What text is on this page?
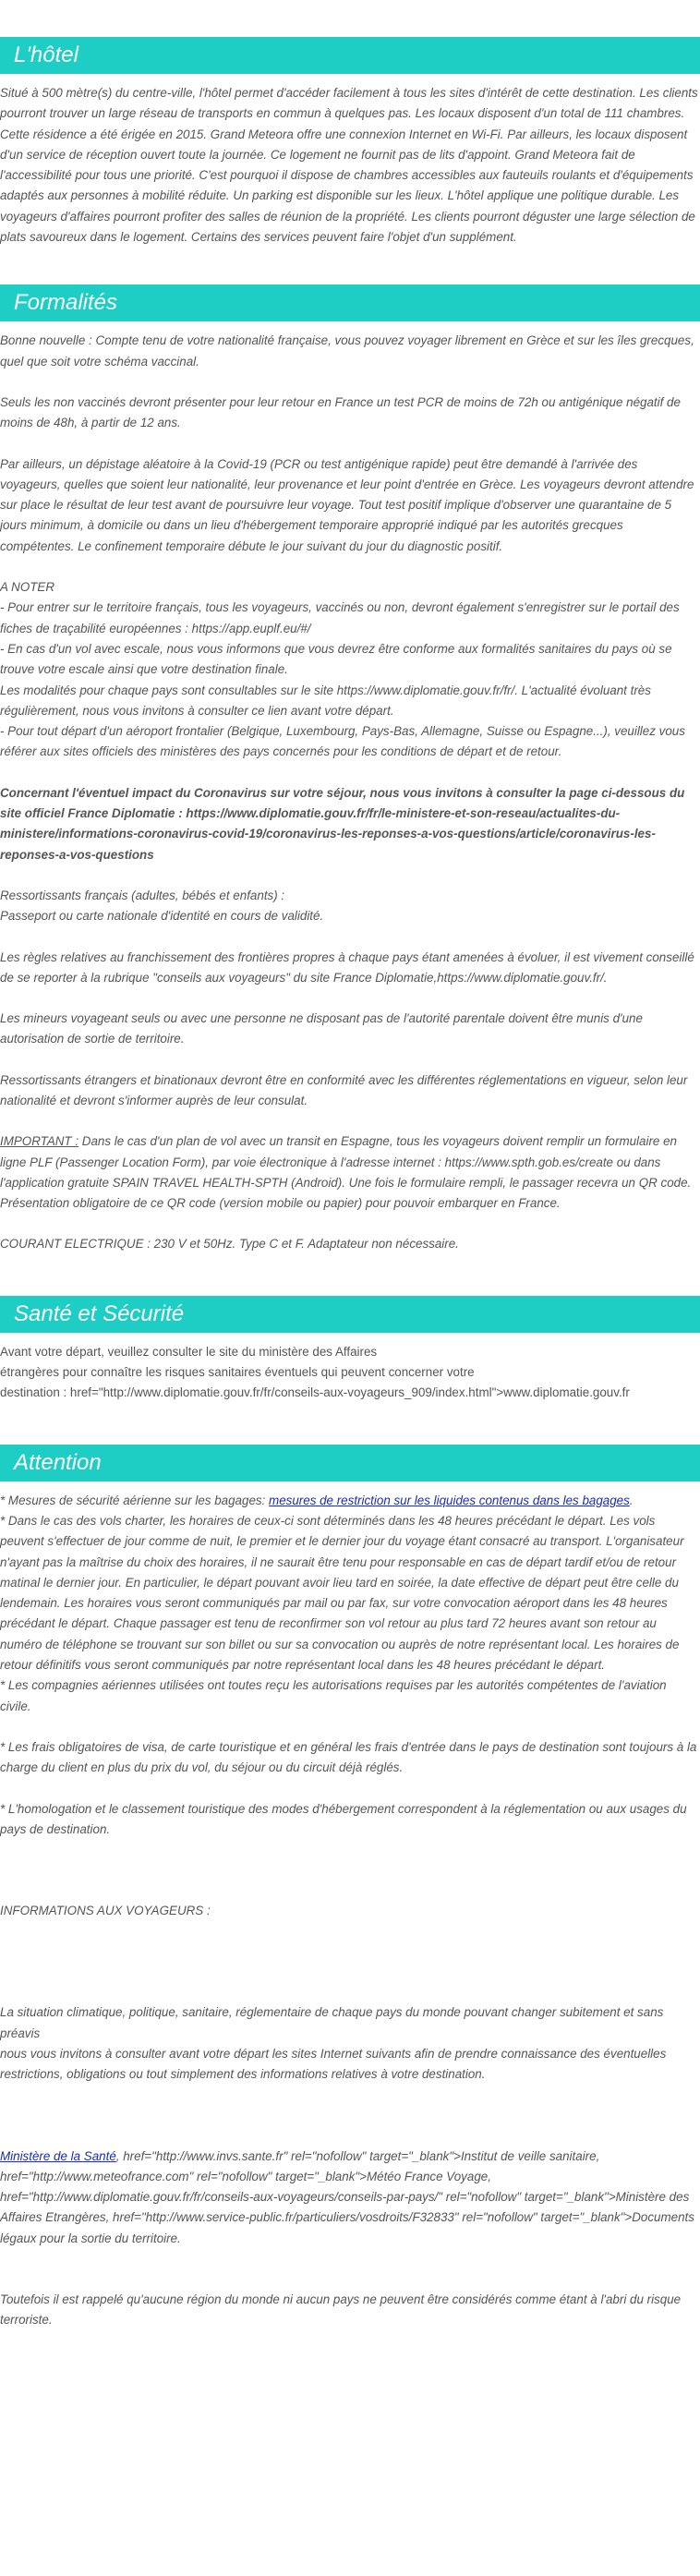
L'hôtel

Situé à 500 mètre(s) du centre-ville, l'hôtel permet d'accéder facilement à tous les sites d'intérêt de cette destination. Les clients pourront trouver un large réseau de transports en commun à quelques pas. Les locaux disposent d'un total de 111 chambres. Cette résidence a été érigée en 2015. Grand Meteora offre une connexion Internet en Wi-Fi. Par ailleurs, les locaux disposent d'un service de réception ouvert toute la journée. Ce logement ne fournit pas de lits d'appoint. Grand Meteora fait de l'accessibilité pour tous une priorité. C'est pourquoi il dispose de chambres accessibles aux fauteuils roulants et d'équipements adaptés aux personnes à mobilité réduite. Un parking est disponible sur les lieux. L'hôtel applique une politique durable. Les voyageurs d'affaires pourront profiter des salles de réunion de la propriété. Les clients pourront déguster une large sélection de plats savoureux dans le logement. Certains des services peuvent faire l'objet d'un supplément.

Formalités

Bonne nouvelle : Compte tenu de votre nationalité française, vous pouvez voyager librement en Grèce et sur les îles grecques, quel que soit votre schéma vaccinal.

Seuls les non vaccinés devront présenter pour leur retour en France un test PCR de moins de 72h ou antigénique négatif de moins de 48h, à partir de 12 ans.

Par ailleurs, un dépistage aléatoire à la Covid-19 (PCR ou test antigénique rapide) peut être demandé à l'arrivée des voyageurs, quelles que soient leur nationalité, leur provenance et leur point d'entrée en Grèce. Les voyageurs devront attendre sur place le résultat de leur test avant de poursuivre leur voyage. Tout test positif implique d'observer une quarantaine de 5 jours minimum, à domicile ou dans un lieu d'hébergement temporaire approprié indiqué par les autorités grecques compétentes. Le confinement temporaire débute le jour suivant du jour du diagnostic positif.

A NOTER

- Pour entrer sur le territoire français, tous les voyageurs, vaccinés ou non, devront également s'enregistrer sur le portail des fiches de traçabilité européennes : https://app.euplf.eu/#/

- En cas d'un vol avec escale, nous vous informons que vous devrez être conforme aux formalités sanitaires du pays où se trouve votre escale ainsi que votre destination finale.

Les modalités pour chaque pays sont consultables sur le site https://www.diplomatie.gouv.fr/fr/. L'actualité évoluant très régulièrement, nous vous invitons à consulter ce lien avant votre départ.

- Pour tout départ d'un aéroport frontalier (Belgique, Luxembourg, Pays-Bas, Allemagne, Suisse ou Espagne...), veuillez vous référer aux sites officiels des ministères des pays concernés pour les conditions de départ et de retour.

Concernant l'éventuel impact du Coronavirus sur votre séjour, nous vous invitons à consulter la page ci-dessous du site officiel France Diplomatie : https://www.diplomatie.gouv.fr/fr/le-ministere-et-son-reseau/actualites-du-ministere/informations-coronavirus-covid-19/coronavirus-les-reponses-a-vos-questions/article/coronavirus-les-reponses-a-vos-questions

Ressortissants français (adultes, bébés et enfants) :

Passeport ou carte nationale d'identité en cours de validité.

Les règles relatives au franchissement des frontières propres à chaque pays étant amenées à évoluer, il est vivement conseillé de se reporter à la rubrique "conseils aux voyageurs" du site France Diplomatie,https://www.diplomatie.gouv.fr/.

Les mineurs voyageant seuls ou avec une personne ne disposant pas de l'autorité parentale doivent être munis d'une autorisation de sortie de territoire.

Ressortissants étrangers et binationaux devront être en conformité avec les différentes réglementations en vigueur, selon leur nationalité et devront s'informer auprès de leur consulat.

IMPORTANT : Dans le cas d'un plan de vol avec un transit en Espagne, tous les voyageurs doivent remplir un formulaire en ligne PLF (Passenger Location Form), par voie électronique à l'adresse internet : https://www.spth.gob.es/create ou dans l'application gratuite SPAIN TRAVEL HEALTH-SPTH (Android). Une fois le formulaire rempli, le passager recevra un QR code. Présentation obligatoire de ce QR code (version mobile ou papier) pour pouvoir embarquer en France.

COURANT ELECTRIQUE : 230 V et 50Hz. Type C et F. Adaptateur non nécessaire.

Santé et Sécurité

Avant votre départ, veuillez consulter le site du ministère des Affaires

étrangères pour connaître les risques sanitaires éventuels qui peuvent concerner votre

destination : href="http://www.diplomatie.gouv.fr/fr/conseils-aux-voyageurs_909/index.html">www.diplomatie.gouv.fr

Attention

* Mesures de sécurité aérienne sur les bagages: mesures de restriction sur les liquides contenus dans les bagages.

* Dans le cas des vols charter, les horaires de ceux-ci sont déterminés dans les 48 heures précédant le départ. Les vols peuvent s'effectuer de jour comme de nuit, le premier et le dernier jour du voyage étant consacré au transport. L'organisateur n'ayant pas la maîtrise du choix des horaires, il ne saurait être tenu pour responsable en cas de départ tardif et/ou de retour matinal le dernier jour. En particulier, le départ pouvant avoir lieu tard en soirée, la date effective de départ peut être celle du lendemain. Les horaires vous seront communiqués par mail ou par fax, sur votre convocation aéroport dans les 48 heures précédant le départ. Chaque passager est tenu de reconfirmer son vol retour au plus tard 72 heures avant son retour au numéro de téléphone se trouvant sur son billet ou sur sa convocation ou auprès de notre représentant local. Les horaires de retour définitifs vous seront communiqués par notre représentant local dans les 48 heures précédant le départ.

* Les compagnies aériennes utilisées ont toutes reçu les autorisations requises par les autorités compétentes de l'aviation civile.

* Les frais obligatoires de visa, de carte touristique et en général les frais d'entrée dans le pays de destination sont toujours à la charge du client en plus du prix du vol, du séjour ou du circuit déjà réglés.

* L'homologation et le classement touristique des modes d'hébergement correspondent à la réglementation ou aux usages du pays de destination.

INFORMATIONS AUX VOYAGEURS :

La situation climatique, politique, sanitaire, réglementaire de chaque pays du monde pouvant changer subitement et sans préavis

nous vous invitons à consulter avant votre départ les sites Internet suivants afin de prendre connaissance des éventuelles restrictions, obligations ou tout simplement des informations relatives à votre destination.

Ministère de la Santé, href="http://www.invs.sante.fr" rel="nofollow" target="_blank">Institut de veille sanitaire, href="http://www.meteofrance.com" rel="nofollow" target="_blank">Météo France Voyage, href="http://www.diplomatie.gouv.fr/fr/conseils-aux-voyageurs/conseils-par-pays/" rel="nofollow" target="_blank">Ministère des Affaires Etrangères, href="http://www.service-public.fr/particuliers/vosdroits/F32833" rel="nofollow" target="_blank">Documents légaux pour la sortie du territoire.

Toutefois il est rappelé qu'aucune région du monde ni aucun pays ne peuvent être considérés comme étant à l'abri du risque terroriste.
